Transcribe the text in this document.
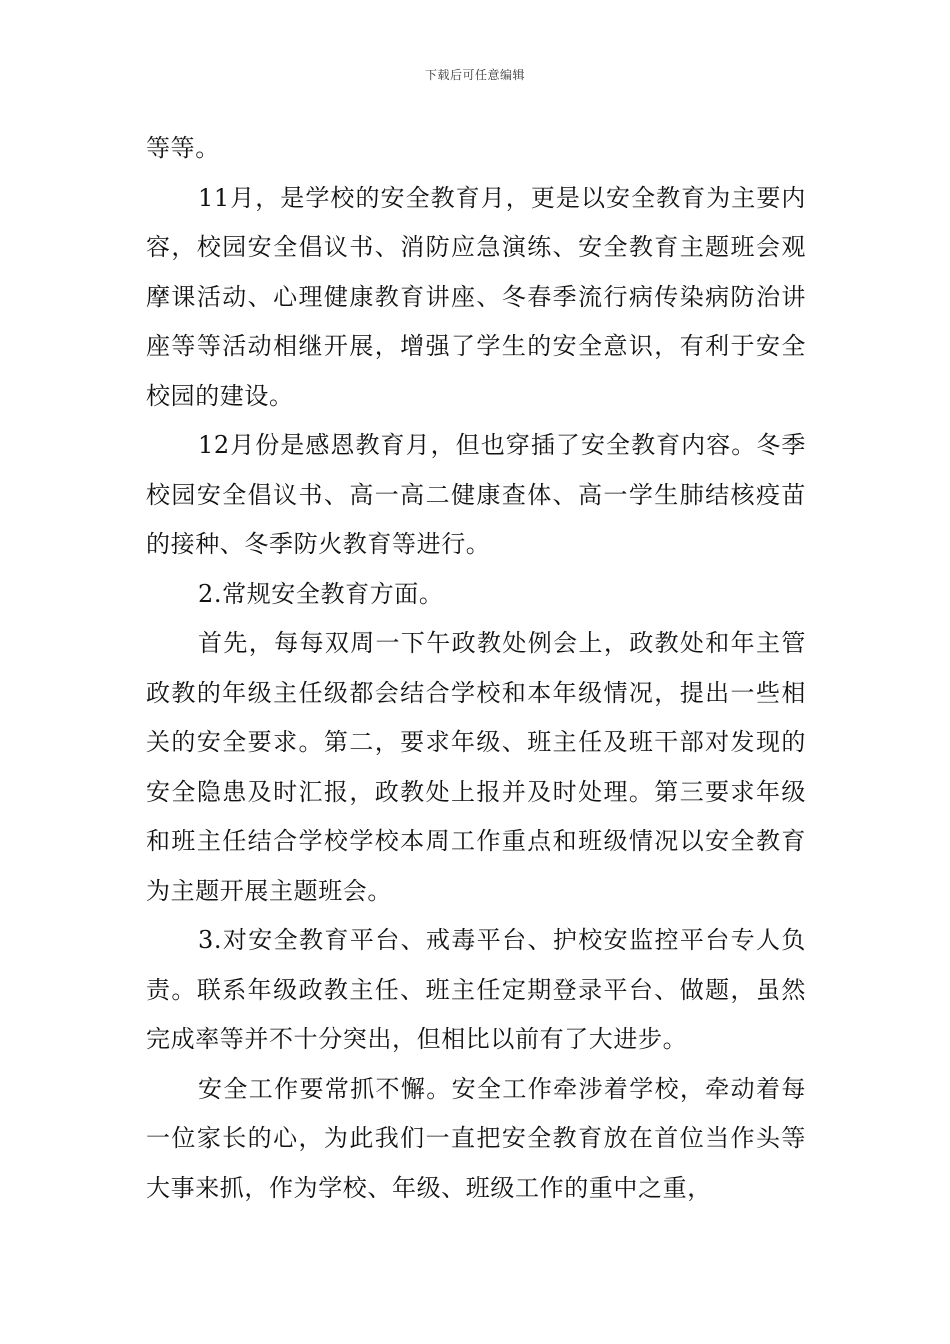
下载后可任意编辑

等等。

11月，是学校的安全教育月，更是以安全教育为主要内容，校园安全倡议书、消防应急演练、安全教育主题班会观摩课活动、心理健康教育讲座、冬春季流行病传染病防治讲座等等活动相继开展，增强了学生的安全意识，有利于安全校园的建设。

12月份是感恩教育月，但也穿插了安全教育内容。冬季校园安全倡议书、高一高二健康查体、高一学生肺结核疫苗的接种、冬季防火教育等进行。

2.常规安全教育方面。

首先，每每双周一下午政教处例会上，政教处和年主管政教的年级主任级都会结合学校和本年级情况，提出一些相关的安全要求。第二，要求年级、班主任及班干部对发现的安全隐患及时汇报，政教处上报并及时处理。第三要求年级和班主任结合学校学校本周工作重点和班级情况以安全教育为主题开展主题班会。

3.对安全教育平台、戒毒平台、护校安监控平台专人负责。联系年级政教主任、班主任定期登录平台、做题，虽然完成率等并不十分突出，但相比以前有了大进步。

安全工作要常抓不懈。安全工作牵涉着学校，牵动着每一位家长的心，为此我们一直把安全教育放在首位当作头等大事来抓，作为学校、年级、班级工作的重中之重，
